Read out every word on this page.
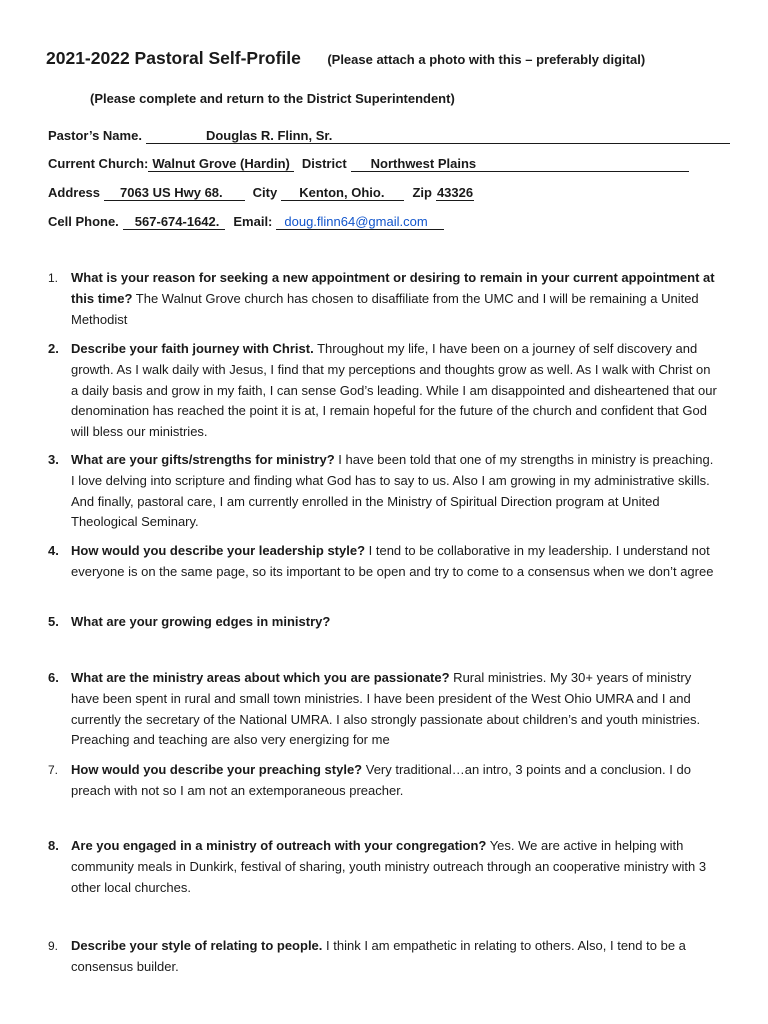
2021-2022 Pastoral Self-Profile (Please attach a photo with this – preferably digital)
(Please complete and return to the District Superintendent)
Pastor’s Name.	Douglas R. Flinn, Sr.
Current Church: Walnut Grove (Hardin) District	Northwest Plains
Address	7063 US Hwy 68.	City	Kenton, Ohio.	Zip 43326
Cell Phone.	567-674-1642.	Email: doug.flinn64@gmail.com
1. What is your reason for seeking a new appointment or desiring to remain in your current appointment at this time? The Walnut Grove church has chosen to disaffiliate from the UMC and I will be remaining a United Methodist
2. Describe your faith journey with Christ. Throughout my life, I have been on a journey of self discovery and growth. As I walk daily with Jesus, I find that my perceptions and thoughts grow as well. As I walk with Christ on a daily basis and grow in my faith, I can sense God’s leading. While I am disappointed and disheartened that our denomination has reached the point it is at, I remain hopeful for the future of the church and confident that God will bless our ministries.
3. What are your gifts/strengths for ministry? I have been told that one of my strengths in ministry is preaching. I love delving into scripture and finding what God has to say to us. Also I am growing in my administrative skills. And finally, pastoral care, I am currently enrolled in the Ministry of Spiritual Direction program at United Theological Seminary.
4. How would you describe your leadership style? I tend to be collaborative in my leadership. I understand not everyone is on the same page, so its important to be open and try to come to a consensus when we don’t agree
5. What are your growing edges in ministry?
6. What are the ministry areas about which you are passionate? Rural ministries. My 30+ years of ministry have been spent in rural and small town ministries. I have been president of the West Ohio UMRA and I and currently the secretary of the National UMRA. I also strongly passionate about children’s and youth ministries. Preaching and teaching are also very energizing for me
7. How would you describe your preaching style? Very traditional…an intro, 3 points and a conclusion. I do preach with not so I am not an extemporaneous preacher.
8. Are you engaged in a ministry of outreach with your congregation? Yes. We are active in helping with community meals in Dunkirk, festival of sharing, youth ministry outreach through an cooperative ministry with 3 other local churches.
9. Describe your style of relating to people. I think I am empathetic in relating to others. Also, I tend to be a consensus builder.
